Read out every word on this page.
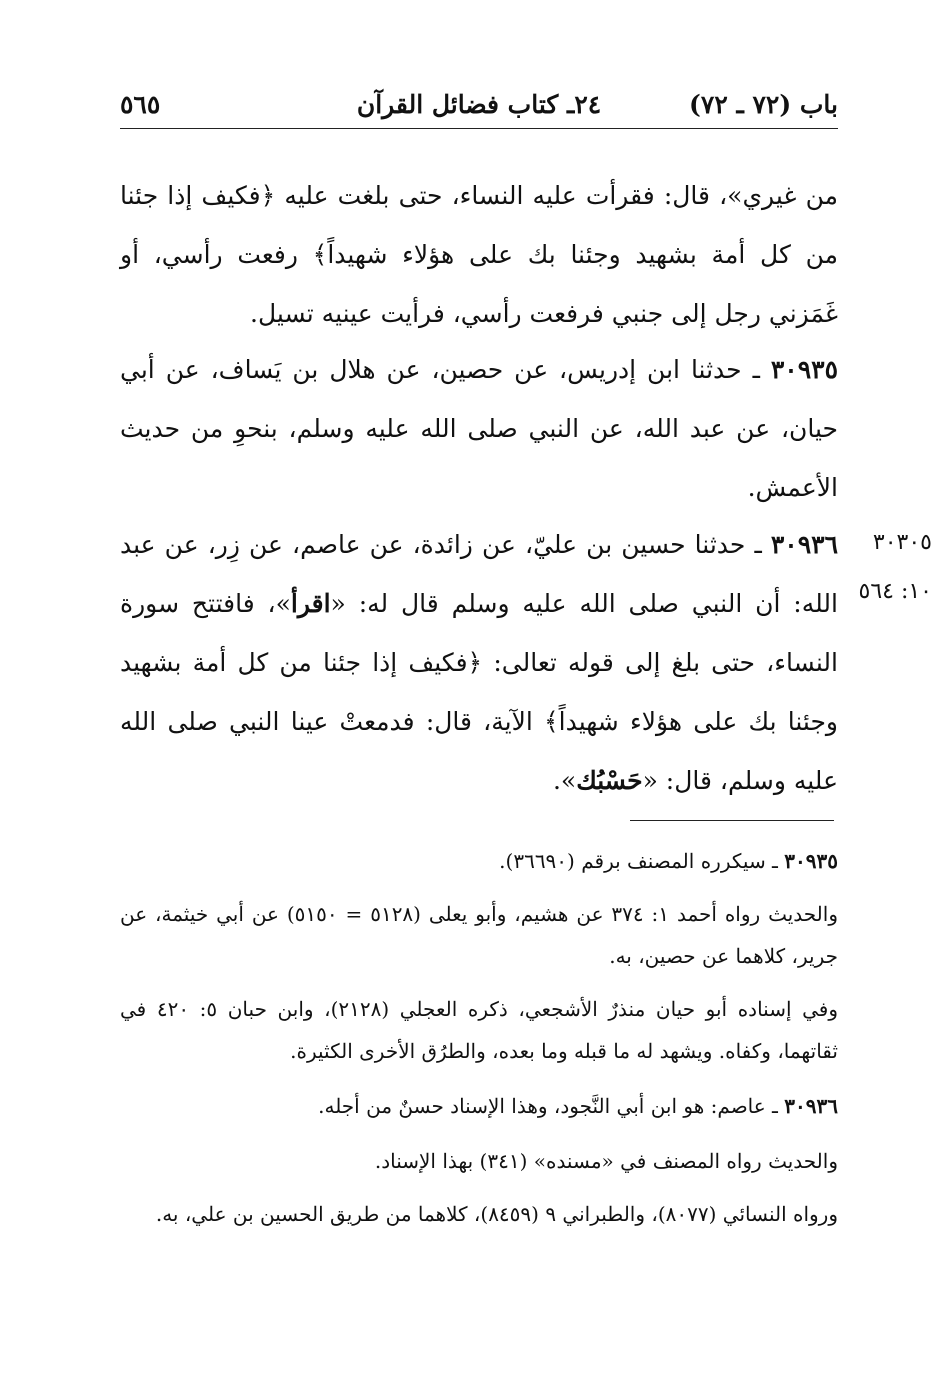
باب (٧٢ ـ ٧٢)
٢٤ـ كتاب فضائل القرآن
٥٦٥

من غيري»، قال: فقرأت عليه النساء، حتى بلغت عليه ﴿فكيف إذا جئنا من كل أمة بشهيد وجئنا بك على هؤلاء شهيداً﴾ رفعت رأسي، أو غَمَزني رجل إلى جنبي فرفعت رأسي، فرأيت عينيه تسيل.

٣٠٩٣٥ ـ حدثنا ابن إدريس، عن حصين، عن هلال بن يَساف، عن أبي حيان، عن عبد الله، عن النبي صلى الله عليه وسلم، بنحوِ من حديث الأعمش.

٣٠٩٣٦ ـ حدثنا حسين بن عليّ، عن زائدة، عن عاصم، عن زِر، عن عبد الله: أن النبي صلى الله عليه وسلم قال له: «اقرأ»، فافتتح سورة النساء، حتى بلغ إلى قوله تعالى: ﴿فكيف إذا جئنا من كل أمة بشهيد وجئنا بك على هؤلاء شهيداً﴾ الآية، قال: فدمعتْ عينا النبي صلى الله عليه وسلم، قال: «حَسْبُك».

٣٠٣٠٥
١٠: ٥٦٤

٣٠٩٣٥ ـ سيكرره المصنف برقم (٣٦٦٩٠).

والحديث رواه أحمد ١: ٣٧٤ عن هشيم، وأبو يعلى (٥١٢٨ = ٥١٥٠) عن أبي خيثمة، عن جرير، كلاهما عن حصين، به.

وفي إسناده أبو حيان منذرٌ الأشجعي، ذكره العجلي (٢١٢٨)، وابن حبان ٥: ٤٢٠ في ثقاتهما، وكفاه. ويشهد له ما قبله وما بعده، والطرُق الأخرى الكثيرة.

٣٠٩٣٦ ـ عاصم: هو ابن أبي النَّجود، وهذا الإسناد حسنٌ من أجله.

والحديث رواه المصنف في «مسنده» (٣٤١) بهذا الإسناد.

ورواه النسائي (٨٠٧٧)، والطبراني ٩ (٨٤٥٩)، كلاهما من طريق الحسين بن علي، به.
